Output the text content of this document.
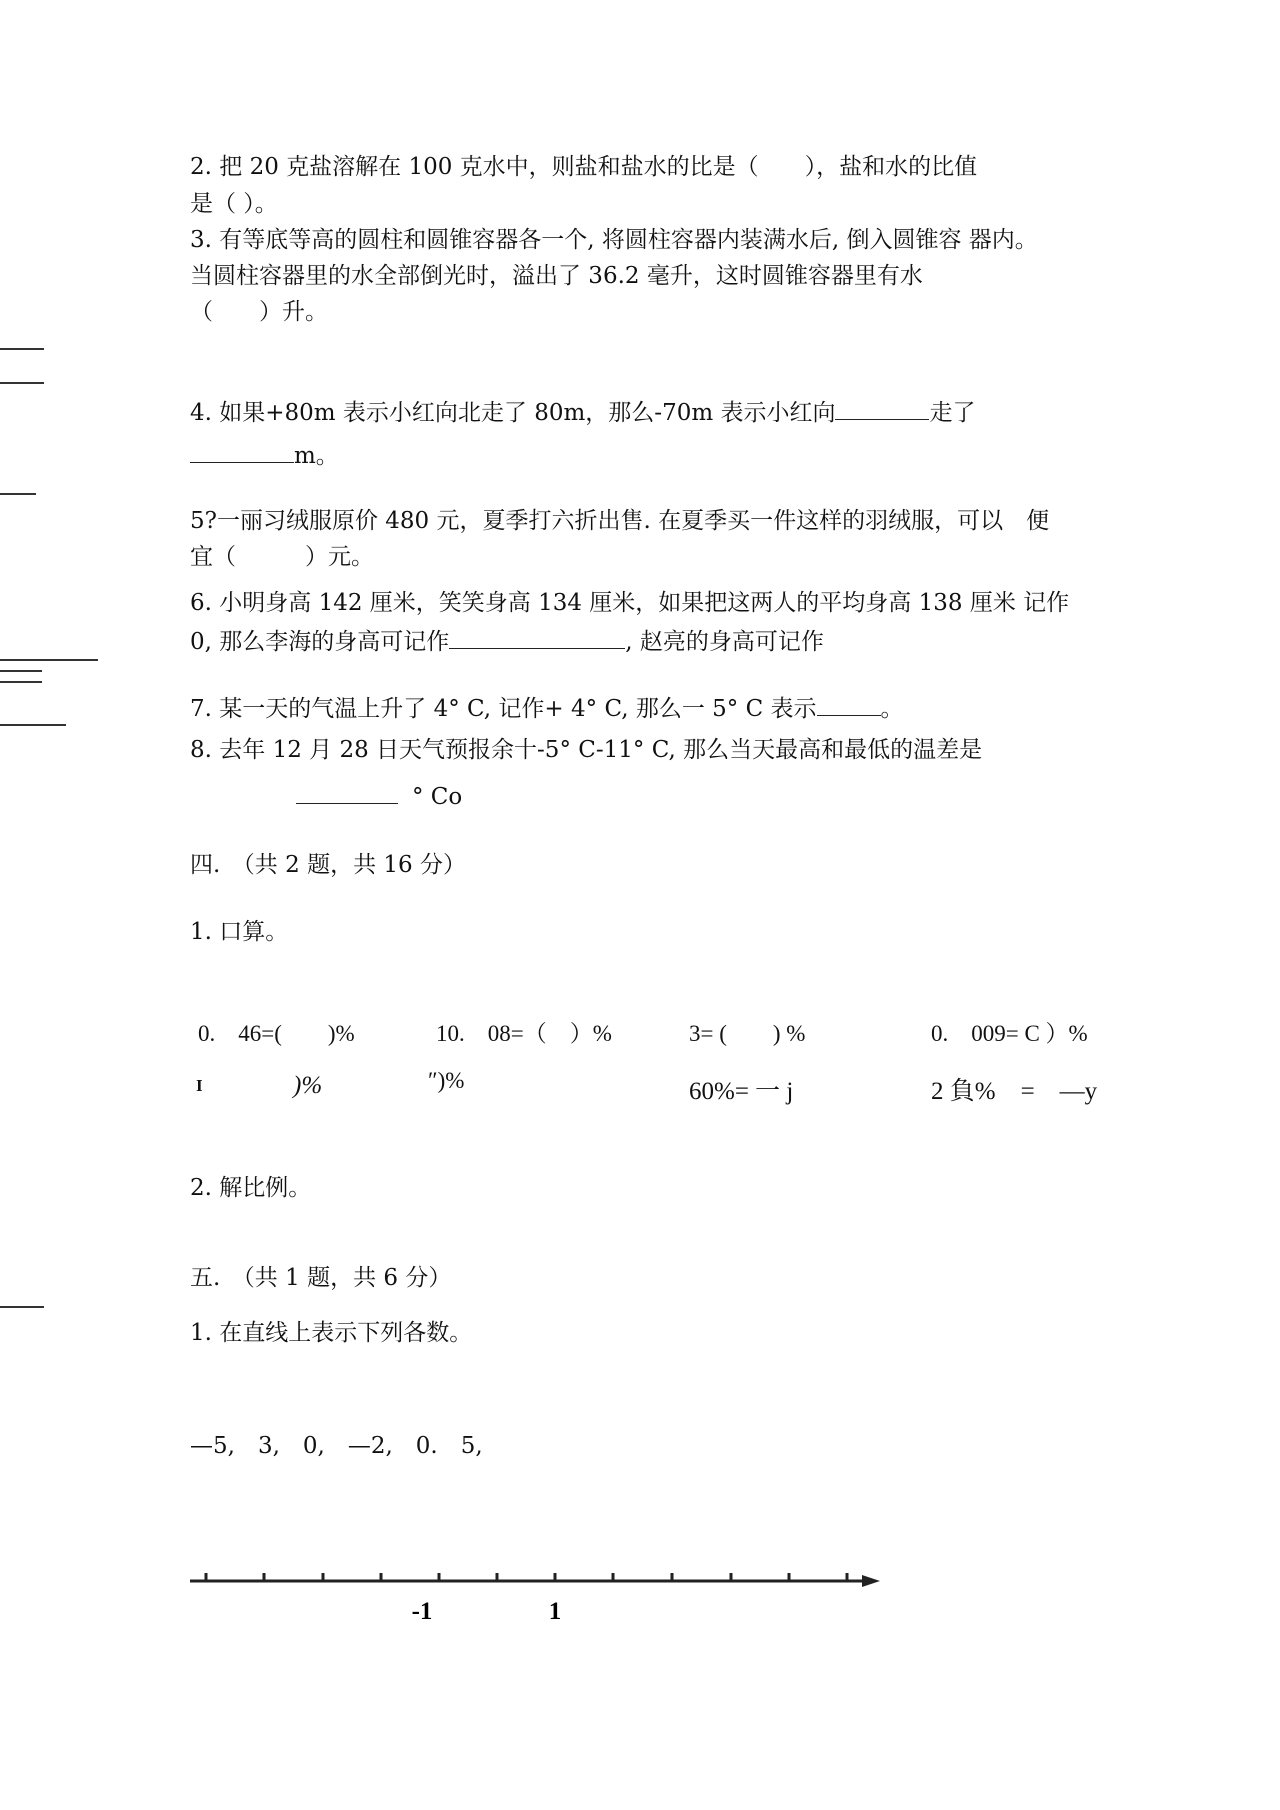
2. 把 20 克盐溶解在 100 克水中，则盐和盐水的比是（　　），盐和水的比值
是（ ）。
3. 有等底等高的圆柱和圆锥容器各一个, 将圆柱容器内装满水后, 倒入圆锥容 器内。
当圆柱容器里的水全部倒光时，溢出了 36.2 毫升，这时圆锥容器里有水
（　　）升。
4. 如果+80m 表示小红向北走了 80m，那么-70m 表示小红向	走了
m。
5?一丽习绒服原价 480 元，夏季打六折出售. 在夏季买一件这样的羽绒服，可以　便
宜（　　　）元。
6. 小明身高 142 厘米，笑笑身高 134 厘米，如果把这两人的平均身高 138 厘米 记作
0, 那么李海的身高可记作	, 赵亮的身高可记作
7. 某一天的气温上升了 4° C, 记作+ 4° C, 那么一 5° C 表示	。
8. 去年 12 月 28 日天气预报余十-5° C-11° C, 那么当天最高和最低的温差是
° Co
四.　（共 2 题，共 16 分）
1. 口算。
0.　46=(　　)%	10.　08=（　）%	3= (　　) %	0.　009= C ）%
I	)%	″)%	60%= 一 j	2 負%　=　—y
2. 解比例。
五.　（共 1 题，共 6 分）
1. 在直线上表示下列各数。
—5,　3,　0,　—2,　0.　5,
-1	1
